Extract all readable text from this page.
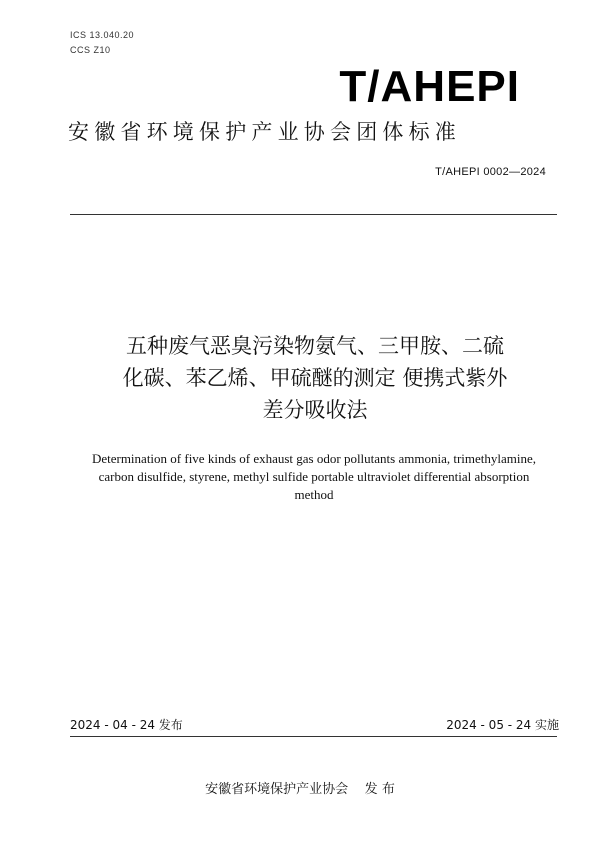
ICS 13.040.20
CCS Z10
T/AHEPI
安徽省环境保护产业协会团体标准
T/AHEPI 0002—2024
五种废气恶臭污染物氨气、三甲胺、二硫
化碳、苯乙烯、甲硫醚的测定 便携式紫外
差分吸收法
Determination of five kinds of exhaust gas odor pollutants ammonia, trimethylamine,
carbon disulfide, styrene, methyl sulfide portable ultraviolet differential absorption
method
2024 - 04 - 24 发布	2024 - 05 - 24 实施
安徽省环境保护产业协会    发 布
